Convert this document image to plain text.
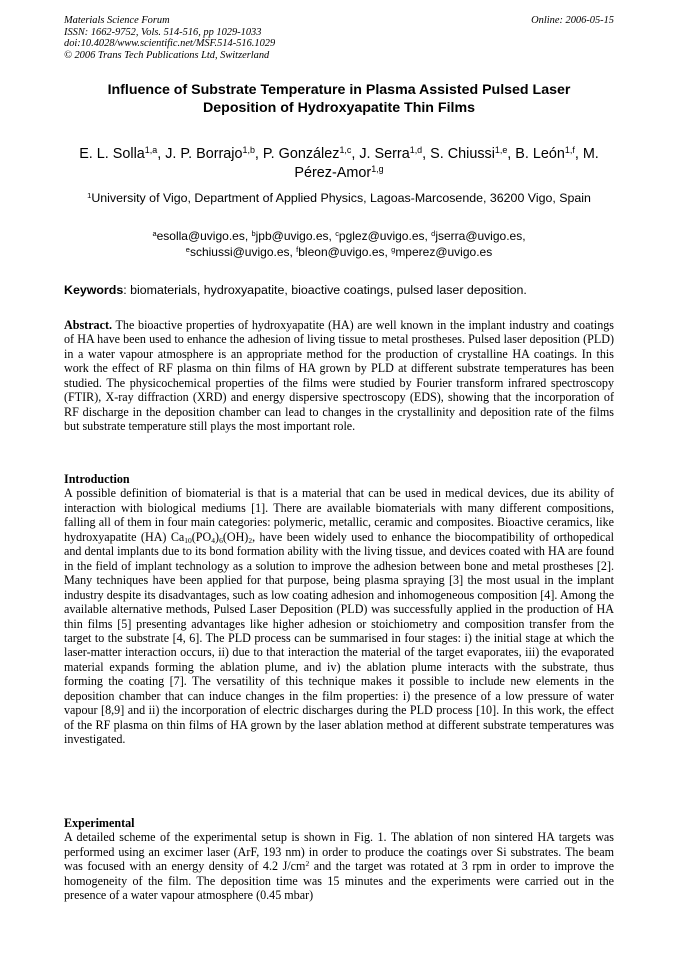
Materials Science Forum
ISSN: 1662-9752, Vols. 514-516, pp 1029-1033
doi:10.4028/www.scientific.net/MSF.514-516.1029
© 2006 Trans Tech Publications Ltd, Switzerland
Online: 2006-05-15
Influence of Substrate Temperature in Plasma Assisted Pulsed Laser
Deposition of Hydroxyapatite Thin Films
E. L. Solla$^{1,a}$, J. P. Borrajo$^{1,b}$, P. González$^{1,c}$, J. Serra$^{1,d}$, S. Chiussi$^{1,e}$, B. León$^{1,f}$, M. Pérez-Amor$^{1,g}$
$^1$University of Vigo, Department of Applied Physics, Lagoas-Marcosende, 36200 Vigo, Spain
$^a$esolla@uvigo.es, $^b$jpb@uvigo.es, $^c$pglez@uvigo.es, $^d$jserra@uvigo.es,
$^e$schiussi@uvigo.es, $^f$bleon@uvigo.es, $^g$mperez@uvigo.es
Keywords: biomaterials, hydroxyapatite, bioactive coatings, pulsed laser deposition.

Abstract. The bioactive properties of hydroxyapatite (HA) are well known in the implant industry and coatings of HA have been used to enhance the adhesion of living tissue to metal prostheses. Pulsed laser deposition (PLD) in a water vapour atmosphere is an appropriate method for the production of crystalline HA coatings. In this work the effect of RF plasma on thin films of HA grown by PLD at different substrate temperatures has been studied. The physicochemical properties of the films were studied by Fourier transform infrared spectroscopy (FTIR), X-ray diffraction (XRD) and energy dispersive spectroscopy (EDS), showing that the incorporation of RF discharge in the deposition chamber can lead to changes in the crystallinity and deposition rate of the films but substrate temperature still plays the most important role.

Introduction

A possible definition of biomaterial is that is a material that can be used in medical devices, due its ability of interaction with biological mediums [1]. There are available biomaterials with many different compositions, falling all of them in four main categories: polymeric, metallic, ceramic and composites. Bioactive ceramics, like hydroxyapatite (HA) $Ca_{10}(PO_4)_6(OH)_2$, have been widely used to enhance the biocompatibility of orthopedical and dental implants due to its bond formation ability with the living tissue, and devices coated with HA are found in the field of implant technology as a solution to improve the adhesion between bone and metal prostheses [2]. Many techniques have been applied for that purpose, being plasma spraying [3] the most usual in the implant industry despite its disadvantages, such as low coating adhesion and inhomogeneous composition [4]. Among the available alternative methods, Pulsed Laser Deposition (PLD) was successfully applied in the production of HA thin films [5] presenting advantages like higher adhesion or stoichiometry and composition transfer from the target to the substrate [4, 6]. The PLD process can be summarised in four stages: i) the initial stage at which the laser-matter interaction occurs, ii) due to that interaction the material of the target evaporates, iii) the evaporated material expands forming the ablation plume, and iv) the ablation plume interacts with the substrate, thus forming the coating [7]. The versatility of this technique makes it possible to include new elements in the deposition chamber that can induce changes in the film properties: i) the presence of a low pressure of water vapour [8,9] and ii) the incorporation of electric discharges during the PLD process [10]. In this work, the effect of the RF plasma on thin films of HA grown by the laser ablation method at different substrate temperatures was investigated.

Experimental

A detailed scheme of the experimental setup is shown in Fig. 1. The ablation of non sintered HA targets was performed using an excimer laser (ArF, 193 nm) in order to produce the coatings over Si substrates. The beam was focused with an energy density of 4.2 $J/cm^2$ and the target was rotated at 3 rpm in order to improve the homogeneity of the film. The deposition time was 15 minutes and the experiments were carried out in the presence of a water vapour atmosphere (0.45 mbar)
